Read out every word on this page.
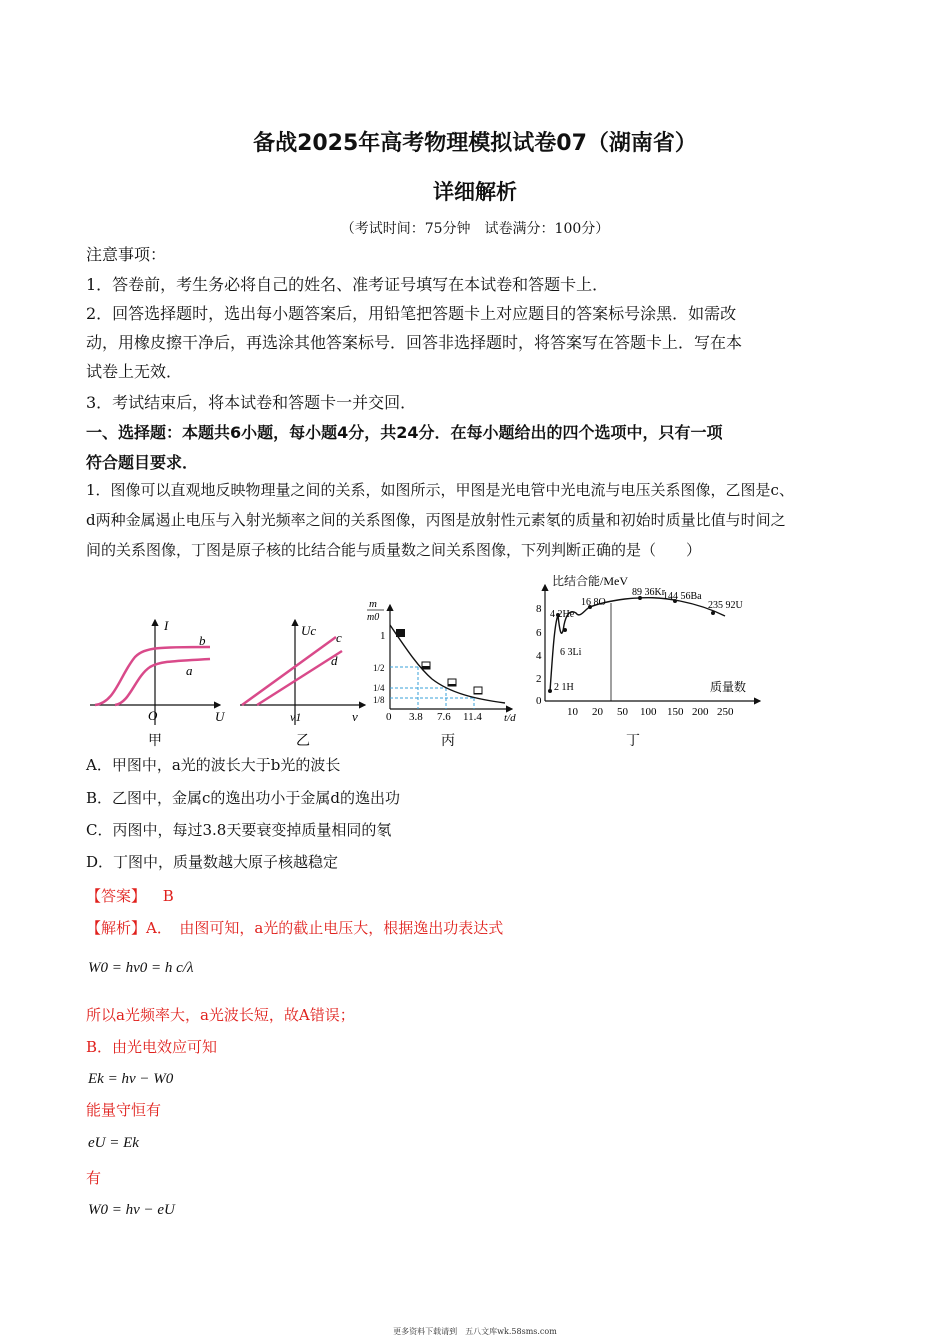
备战2025年高考物理模拟试卷07（湖南省）
详细解析
（考试时间：75分钟　试卷满分：100分）
注意事项：
1．答卷前，考生务必将自己的姓名、准考证号填写在本试卷和答题卡上．
2．回答选择题时，选出每小题答案后，用铅笔把答题卡上对应题目的答案标号涂黑．如需改
动，用橡皮擦干净后，再选涂其他答案标号．回答非选择题时，将答案写在答题卡上．写在本
试卷上无效．
3．考试结束后，将本试卷和答题卡一并交回．
一、选择题：本题共6小题，每小题4分，共24分．在每小题给出的四个选项中，只有一项
符合题目要求．
1．图像可以直观地反映物理量之间的关系，如图所示，甲图是光电管中光电流与电压关系图像，乙图是c、
d两种金属遏止电压与入射光频率之间的关系图像，丙图是放射性元素氡的质量和初始时质量比值与时间之
间的关系图像，丁图是原子核的比结合能与质量数之间关系图像，下列判断正确的是（　　）
I
U
O
b
a
甲
Uc
ν
ν1
c
d
乙
m
m0
1
1/2
1/4
1/8
0 3.8 7.6 11.4 t/d
丙
比结合能/MeV
质量数
8
6
4
2
0
10 20 50 100 150 200 250
4 2He
16 8O
89 36Kr
144 56Ba
235 92U
6 3Li
2 1H
丁
A．甲图中，a光的波长大于b光的波长
B．乙图中，金属c的逸出功小于金属d的逸出功
C．丙图中，每过3.8天要衰变掉质量相同的氡
D．丁图中，质量数越大原子核越稳定
【答案】 B
【解析】A．　由图可知，a光的截止电压大，根据逸出功表达式
W0 = hν0 = h c/λ
所以a光频率大，a光波长短，故A错误；
B．由光电效应可知
Ek = hν − W0
能量守恒有
eU = Ek
有
W0 = hν − eU
更多资料下载请到　五八文库wk.58sms.com
